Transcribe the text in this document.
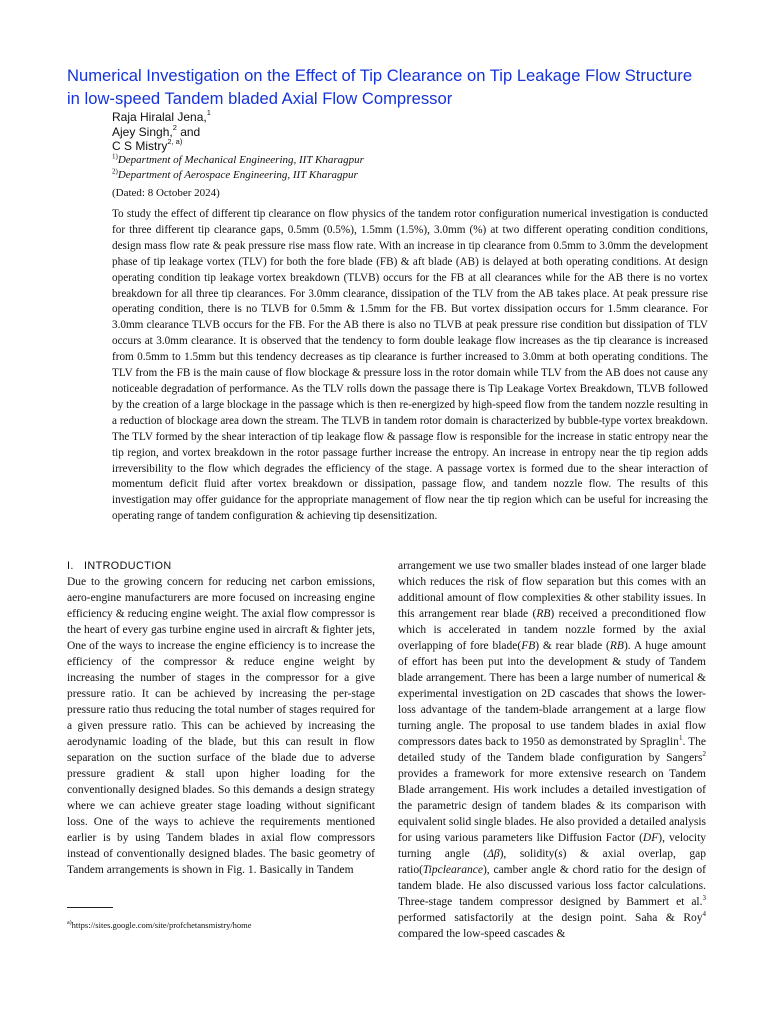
Numerical Investigation on the Effect of Tip Clearance on Tip Leakage Flow Structure in low-speed Tandem bladed Axial Flow Compressor
Raja Hiralal Jena,$^1$
Ajey Singh,$^2$ and
C S Mistry$^{2, a)}$
$^{1)}$Department of Mechanical Engineering, IIT Kharagpur
$^{2)}$Department of Aerospace Engineering, IIT Kharagpur
(Dated: 8 October 2024)
To study the effect of different tip clearance on flow physics of the tandem rotor configuration numerical investigation is conducted for three different tip clearance gaps, 0.5mm (0.5%), 1.5mm (1.5%), 3.0mm (%) at two different operating condition conditions, design mass flow rate & peak pressure rise mass flow rate. With an increase in tip clearance from 0.5mm to 3.0mm the development phase of tip leakage vortex (TLV) for both the fore blade (FB) & aft blade (AB) is delayed at both operating conditions. At design operating condition tip leakage vortex breakdown (TLVB) occurs for the FB at all clearances while for the AB there is no vortex breakdown for all three tip clearances. For 3.0mm clearance, dissipation of the TLV from the AB takes place. At peak pressure rise operating condition, there is no TLVB for 0.5mm & 1.5mm for the FB. But vortex dissipation occurs for 1.5mm clearance. For 3.0mm clearance TLVB occurs for the FB. For the AB there is also no TLVB at peak pressure rise condition but dissipation of TLV occurs at 3.0mm clearance. It is observed that the tendency to form double leakage flow increases as the tip clearance is increased from 0.5mm to 1.5mm but this tendency decreases as tip clearance is further increased to 3.0mm at both operating conditions. The TLV from the FB is the main cause of flow blockage & pressure loss in the rotor domain while TLV from the AB does not cause any noticeable degradation of performance. As the TLV rolls down the passage there is Tip Leakage Vortex Breakdown, TLVB followed by the creation of a large blockage in the passage which is then re-energized by high-speed flow from the tandem nozzle resulting in a reduction of blockage area down the stream. The TLVB in tandem rotor domain is characterized by bubble-type vortex breakdown. The TLV formed by the shear interaction of tip leakage flow & passage flow is responsible for the increase in static entropy near the tip region, and vortex breakdown in the rotor passage further increase the entropy. An increase in entropy near the tip region adds irreversibility to the flow which degrades the efficiency of the stage. A passage vortex is formed due to the shear interaction of momentum deficit fluid after vortex breakdown or dissipation, passage flow, and tandem nozzle flow. The results of this investigation may offer guidance for the appropriate management of flow near the tip region which can be useful for increasing the operating range of tandem configuration & achieving tip desensitization.
I. INTRODUCTION
Due to the growing concern for reducing net carbon emissions, aero-engine manufacturers are more focused on increasing engine efficiency & reducing engine weight. The axial flow compressor is the heart of every gas turbine engine used in aircraft & fighter jets, One of the ways to increase the engine efficiency is to increase the efficiency of the compressor & reduce engine weight by increasing the number of stages in the compressor for a give pressure ratio. It can be achieved by increasing the per-stage pressure ratio thus reducing the total number of stages required for a given pressure ratio. This can be achieved by increasing the aerodynamic loading of the blade, but this can result in flow separation on the suction surface of the blade due to adverse pressure gradient & stall upon higher loading for the conventionally designed blades. So this demands a design strategy where we can achieve greater stage loading without significant loss. One of the ways to achieve the requirements mentioned earlier is by using Tandem blades in axial flow compressors instead of conventionally designed blades. The basic geometry of Tandem arrangements is shown in Fig. 1. Basically in Tandem
arrangement we use two smaller blades instead of one larger blade which reduces the risk of flow separation but this comes with an additional amount of flow complexities & other stability issues. In this arrangement rear blade (RB) received a preconditioned flow which is accelerated in tandem nozzle formed by the axial overlapping of fore blade(FB) & rear blade (RB). A huge amount of effort has been put into the development & study of Tandem blade arrangement. There has been a large number of numerical & experimental investigation on 2D cascades that shows the lower-loss advantage of the tandem-blade arrangement at a large flow turning angle. The proposal to use tandem blades in axial flow compressors dates back to 1950 as demonstrated by Spraglin$^1$. The detailed study of the Tandem blade configuration by Sangers$^2$ provides a framework for more extensive research on Tandem Blade arrangement. His work includes a detailed investigation of the parametric design of tandem blades & its comparison with equivalent solid single blades. He also provided a detailed analysis for using various parameters like Diffusion Factor (DF), velocity turning angle (Δβ), solidity(s) & axial overlap, gap ratio(Tipclearance), camber angle & chord ratio for the design of tandem blade. He also discussed various loss factor calculations. Three-stage tandem compressor designed by Bammert et al.$^3$ performed satisfactorily at the design point. Saha & Roy$^4$ compared the low-speed cascades &
$^{a)}$https://sites.google.com/site/profchetansmistry/home
